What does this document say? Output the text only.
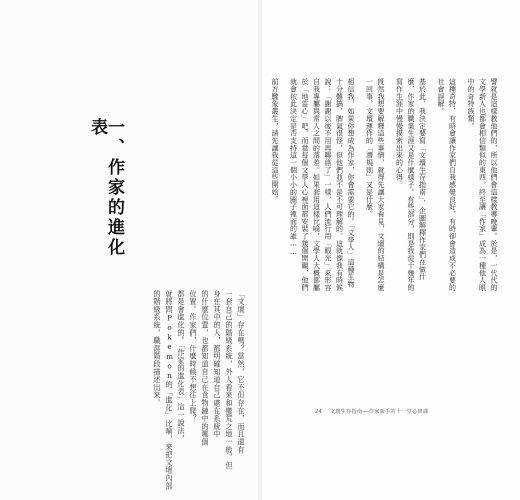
一、作家的進化表
「文壇」存在嗎？當然，它不但存在，而且還有
一套自己的階級系統，外人看來和蠻荒之地一般。但
身在其中的人，都明確知道自己處在系統中
的什麼位置，也都知道自己在食物鏈中的哪個
位置。作家們，什麼時候不想往上爬？
都是會進化的。「作家的進化表」這一說法，
就將問Pokemon的「進化」比喻，來把文壇內部
的階級系統，職涯階段描述出來。
譬就是這樣教他們的，所以他們會這樣教導晚輩。於是，一代代的文學新人也都會相信類似的東西，終至讓「作家」成為一種他人眼中的奇特族類。
這種奇特，有時會讓作家們自我感覺良好，有時卻會造成不必要的社會誤解。
基於此，我決定要寫「文壇生存指南」，企圖解釋作家們在做什麼，作家的職業生涯又是什麼樣子。有些部分，則是我從十幾年的寫作生涯中慢慢摸索出來的心得。
旣然我想要解釋這些事情，就得先讓大家看見，文壇的結構是怎麼一回事，文壇運作的「潛規則」又是什麼。
相信我，如果你想成為作家，你會需要它的。「文學人」這種生物十分難搞，脾氣很怪，但他們並不是不可理解的。這就像我有時候說：「謝謝以後不用再聯絡了」一樣，人們流行用「眼光」來形容自我專屬與常人之間的落差。如果套用這樣比喻，文學人大概都屬於「地雷心」吧。而當每個文學人心裡面都安裝了幾個開關，他們就會依此決定是否支持這一個小小的圈子裡面的誰……
前方驟象叢生，請先讓我從這些開始。
24 文壇生存指南──作家新手的十一堂必修課
